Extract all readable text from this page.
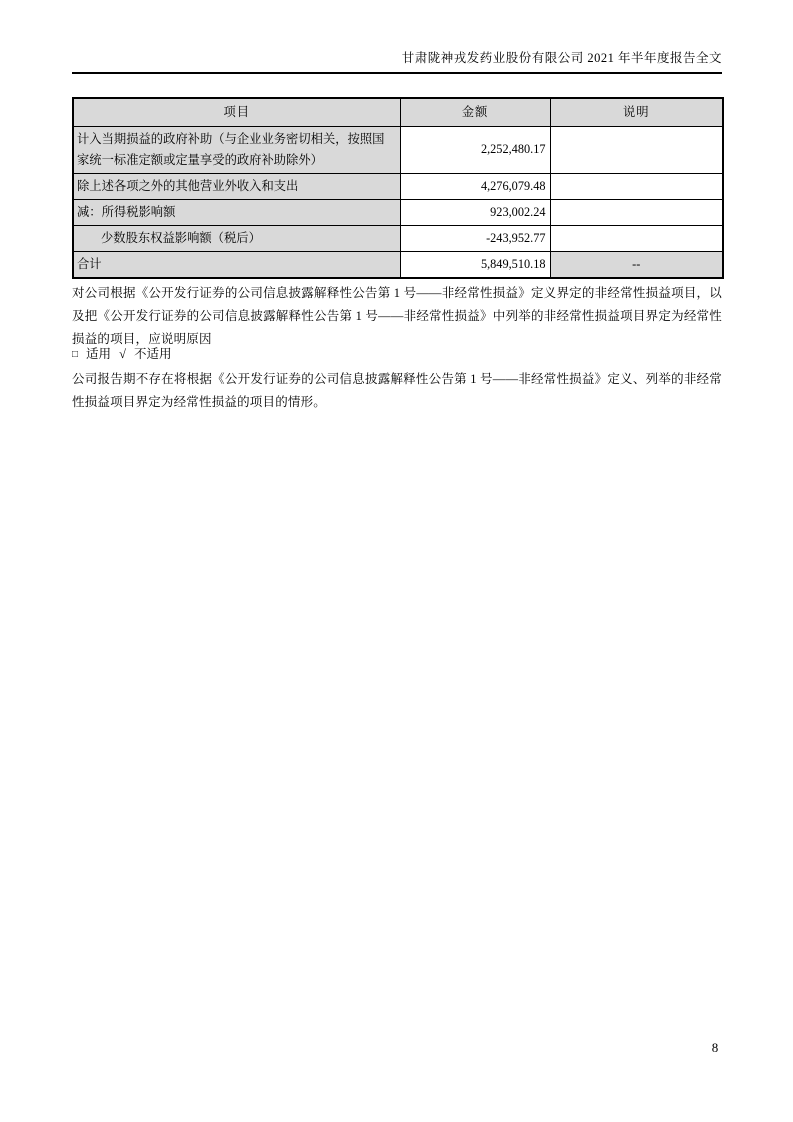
甘肃陇神戎发药业股份有限公司 2021 年半年度报告全文
项目	金额	说明
计入当期损益的政府补助（与企业业务密切相关，按照国家统一标准定额或定量享受的政府补助除外）	2,252,480.17	
除上述各项之外的其他营业外收入和支出	4,276,079.48	
减：所得税影响额	923,002.24	
少数股东权益影响额（税后）	-243,952.77	
合计	5,849,510.18	--
对公司根据《公开发行证券的公司信息披露解释性公告第 1 号——非经常性损益》定义界定的非经常性损益项目，以及把《公开发行证券的公司信息披露解释性公告第 1 号——非经常性损益》中列举的非经常性损益项目界定为经常性损益的项目，应说明原因
□ 适用 √ 不适用
公司报告期不存在将根据《公开发行证券的公司信息披露解释性公告第 1 号——非经常性损益》定义、列举的非经常性损益项目界定为经常性损益的项目的情形。
8
